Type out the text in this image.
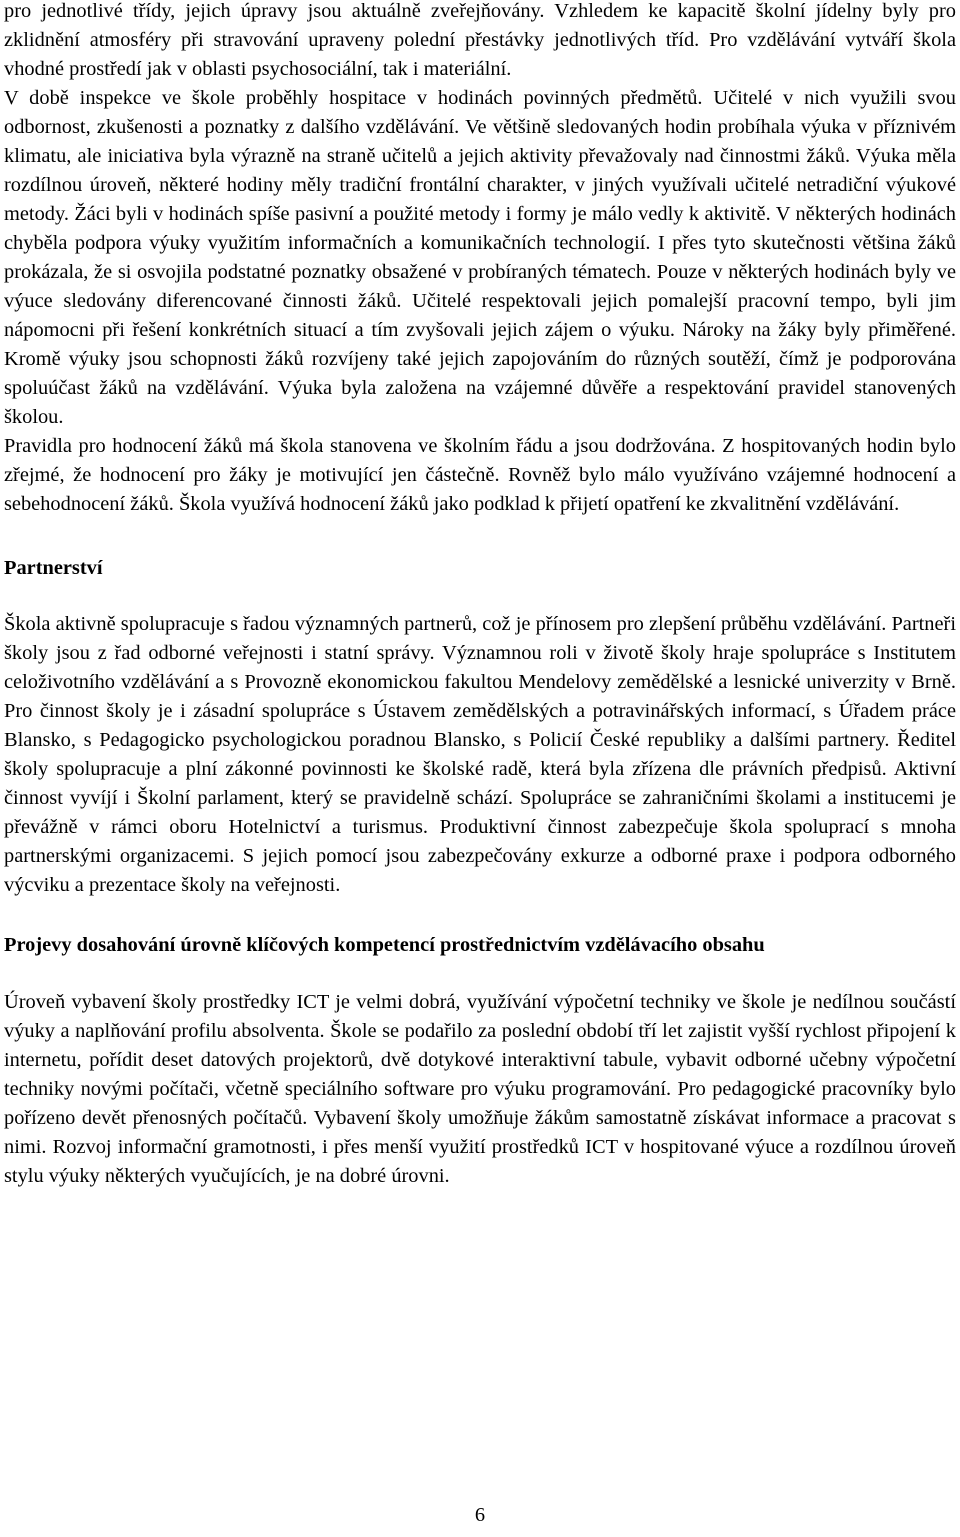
pro jednotlivé třídy, jejich úpravy jsou aktuálně zveřejňovány. Vzhledem ke kapacitě školní jídelny byly pro zklidnění atmosféry při stravování upraveny polední přestávky jednotlivých tříd. Pro vzdělávání vytváří škola vhodné prostředí jak v oblasti psychosociální, tak i materiální.

V době inspekce ve škole proběhly hospitace v hodinách povinných předmětů. Učitelé v nich využili svou odbornost, zkušenosti a poznatky z dalšího vzdělávání. Ve většině sledovaných hodin probíhala výuka v příznivém klimatu, ale iniciativa byla výrazně na straně učitelů a jejich aktivity převažovaly nad činnostmi žáků. Výuka měla rozdílnou úroveň, některé hodiny měly tradiční frontální charakter, v jiných využívali učitelé netradiční výukové metody. Žáci byli v hodinách spíše pasivní a použité metody i formy je málo vedly k aktivitě. V některých hodinách chyběla podpora výuky využitím informačních a komunikačních technologií. I přes tyto skutečnosti většina žáků prokázala, že si osvojila podstatné poznatky obsažené v probíraných tématech. Pouze v některých hodinách byly ve výuce sledovány diferencované činnosti žáků. Učitelé respektovali jejich pomalejší pracovní tempo, byli jim nápomocni při řešení konkrétních situací a tím zvyšovali jejich zájem o výuku. Nároky na žáky byly přiměřené. Kromě výuky jsou schopnosti žáků rozvíjeny také jejich zapojováním do různých soutěží, čímž je podporována spoluúčast žáků na vzdělávání. Výuka byla založena na vzájemné důvěře a respektování pravidel stanovených školou.

Pravidla pro hodnocení žáků má škola stanovena ve školním řádu a jsou dodržována. Z hospitovaných hodin bylo zřejmé, že hodnocení pro žáky je motivující jen částečně. Rovněž bylo málo využíváno vzájemné hodnocení a sebehodnocení žáků. Škola využívá hodnocení žáků jako podklad k přijetí opatření ke zkvalitnění vzdělávání.

Partnerství

Škola aktivně spolupracuje s řadou významných partnerů, což je přínosem pro zlepšení průběhu vzdělávání. Partneři školy jsou z řad odborné veřejnosti i statní správy. Významnou roli v životě školy hraje spolupráce s Institutem celoživotního vzdělávání a s Provozně ekonomickou fakultou Mendelovy zemědělské a lesnické univerzity v Brně. Pro činnost školy je i zásadní spolupráce s Ústavem zemědělských a potravinářských informací, s Úřadem práce Blansko, s Pedagogicko psychologickou poradnou Blansko, s Policií České republiky a dalšími partnery. Ředitel školy spolupracuje a plní zákonné povinnosti ke školské radě, která byla zřízena dle právních předpisů. Aktivní činnost vyvíjí i Školní parlament, který se pravidelně schází. Spolupráce se zahraničními školami a institucemi je převážně v rámci oboru Hotelnictví a turismus. Produktivní činnost zabezpečuje škola spoluprací s mnoha partnerskými organizacemi. S jejich pomocí jsou zabezpečovány exkurze a odborné praxe i podpora odborného výcviku a prezentace školy na veřejnosti.

Projevy dosahování úrovně klíčových kompetencí prostřednictvím vzdělávacího obsahu

Úroveň vybavení školy prostředky ICT je velmi dobrá, využívání výpočetní techniky ve škole je nedílnou součástí výuky a naplňování profilu absolventa. Škole se podařilo za poslední období tří let zajistit vyšší rychlost připojení k internetu, pořídit deset datových projektorů, dvě dotykové interaktivní tabule, vybavit odborné učebny výpočetní techniky novými počítači, včetně speciálního software pro výuku programování. Pro pedagogické pracovníky bylo pořízeno devět přenosných počítačů. Vybavení školy umožňuje žákům samostatně získávat informace a pracovat s nimi. Rozvoj informační gramotnosti, i přes menší využití prostředků ICT v hospitované výuce a rozdílnou úroveň stylu výuky některých vyučujících, je na dobré úrovni.

6
